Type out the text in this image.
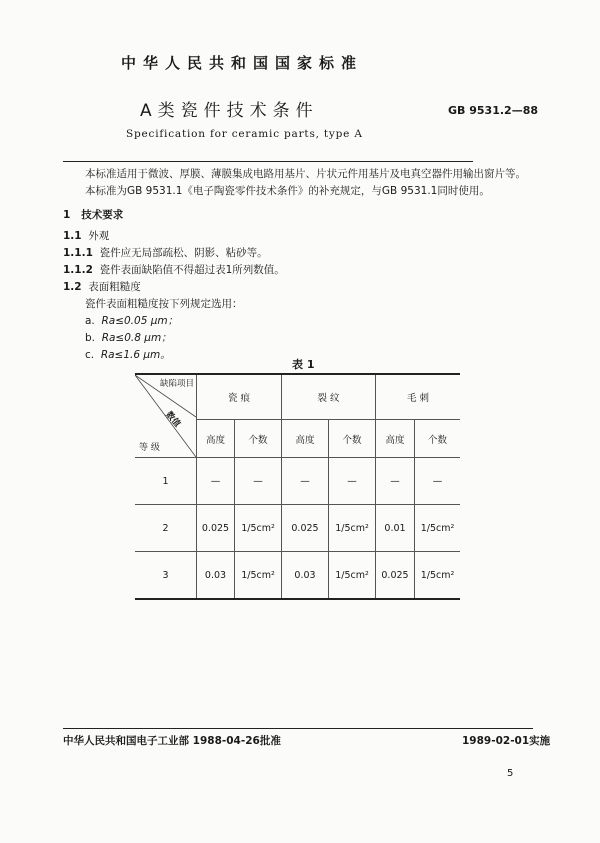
中华人民共和国国家标准
A类瓷件技术条件	GB 9531.2—88
Specification for ceramic parts, type A
本标准适用于微波、厚膜、薄膜集成电路用基片、片状元件用基片及电真空器件用输出窗片等。
本标准为GB 9531.1《电子陶瓷零件技术条件》的补充规定，与GB 9531.1同时使用。
1 技术要求
1.1 外观
1.1.1 瓷件应无局部疏松、阴影、粘砂等。
1.1.2 瓷件表面缺陷值不得超过表1所列数值。
1.2 表面粗糙度
瓷件表面粗糙度按下列规定选用：
a. Ra≤0.05 μm；
b. Ra≤0.8 μm；
c. Ra≤1.6 μm。
表 1
缺陷项目
数值
等 级	瓷 痕		裂 纹		毛 刺	
	高度	个数	高度	个数	高度	个数
1	—	—	—	—	—	—
2	0.025	1/5cm²	0.025	1/5cm²	0.01	1/5cm²
3	0.03	1/5cm²	0.03	1/5cm²	0.025	1/5cm²
中华人民共和国电子工业部 1988-04-26批准	1989-02-01实施
5
